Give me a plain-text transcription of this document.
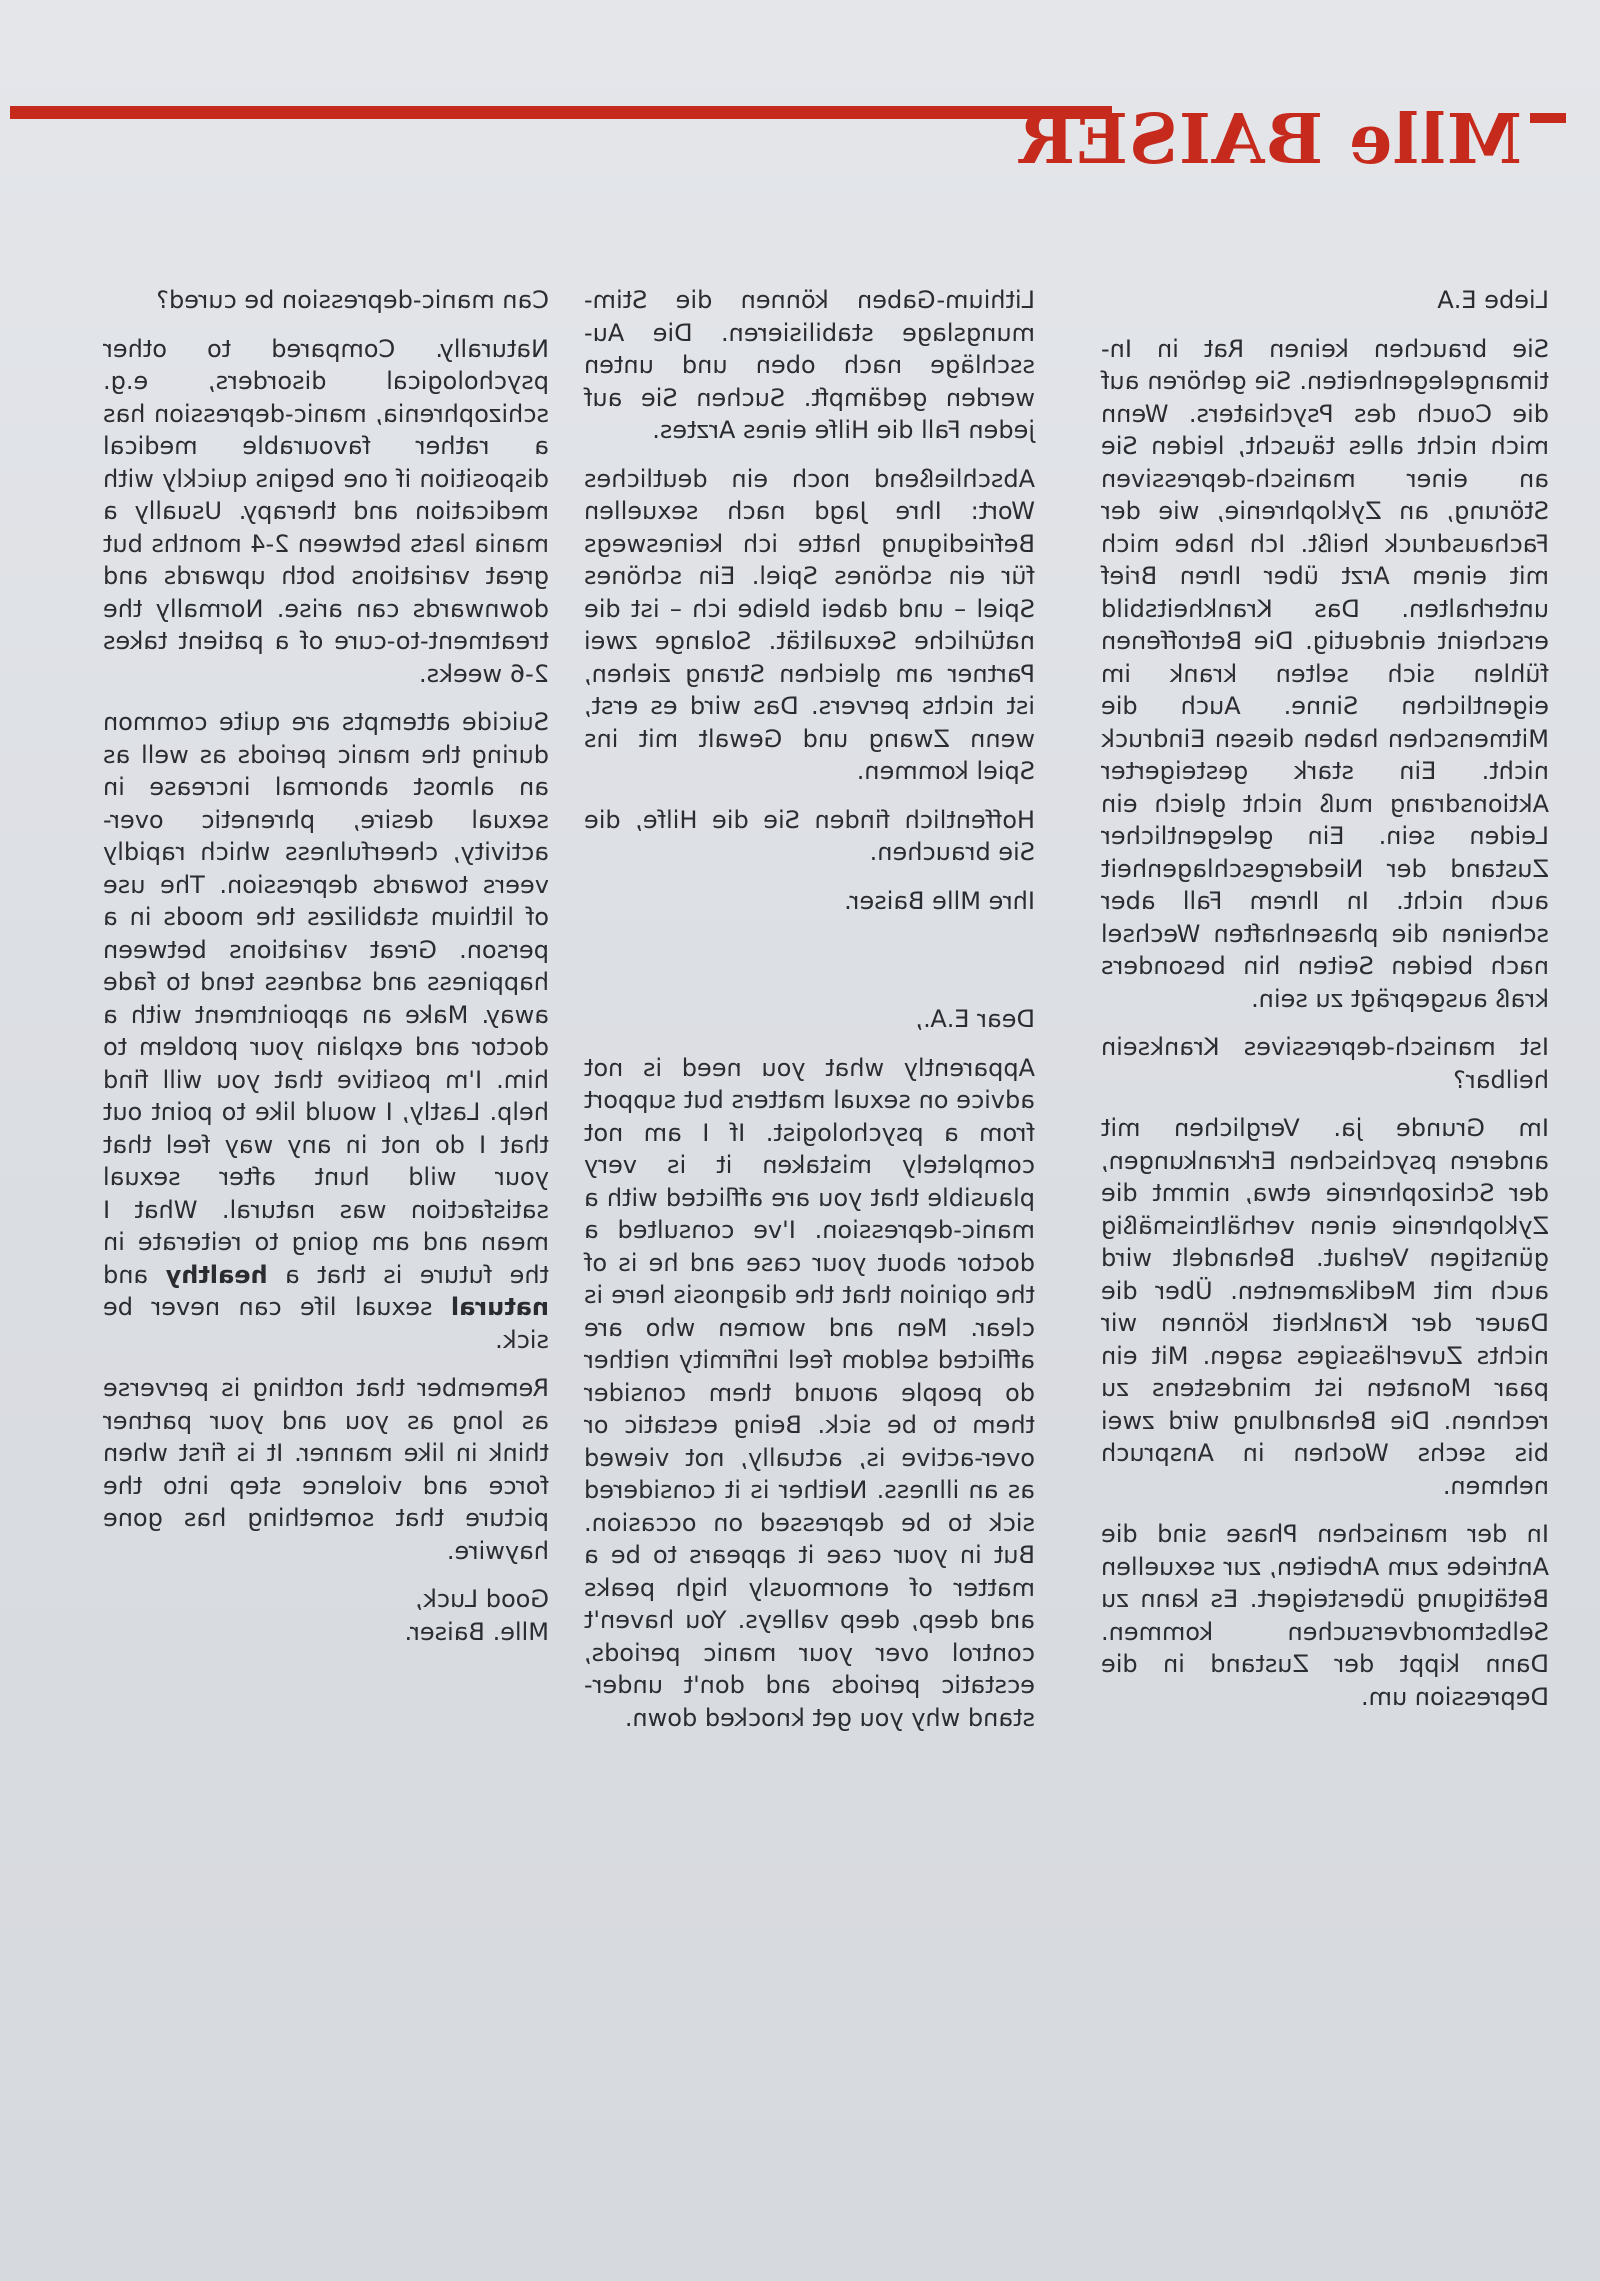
Mlle BAISER

Liebe E.A

Sie brauchen keinen Rat in Intimangelegenheiten. Sie gehören auf die Couch des Psychiaters. Wenn mich nicht alles täuscht, leiden Sie an einer manisch-depressiven Störung, an Zyklophrenie, wie der Fachausdruck heißt. Ich habe mich mit einem Arzt über Ihren Brief unterhalten. Das Krankheitsbild erscheint eindeutig. Die Betroffenen fühlen sich selten krank im eigentlichen Sinne. Auch die Mitmenschen haben diesen Eindruck nicht. Ein stark gesteigerter Aktionsdrang muß nicht gleich ein Leiden sein. Ein gelegentlicher Zustand der Niedergeschlagenheit auch nicht. In Ihrem Fall aber scheinen die phasenhaften Wechsel nach beiden Seiten hin besonders kraß ausgeprägt zu sein.

Ist manisch-depressives Kranksein heilbar?

Im Grunde ja. Verglichen mit anderen psychischen Erkrankungen, der Schizophrenie etwa, nimmt die Zyklophrenie einen verhältnismäßig günstigen Verlaut. Behandelt wird auch mit Medikamenten. Über die Dauer der Krankheit können wir nichts Zuverlässiges sagen. Mit ein paar Monaten ist mindestens zu rechnen. Die Behandlung wird zwei bis sechs Wochen in Anspruch nehmen.

In der manischen Phase sind die Antriebe zum Arbeiten, zur sexuellen Betätigung übersteigert. Es kann zu Selbstmordversuchen kommen. Dann kippt der Zustand in die Depression um.

Lithium-Gaben können die Stimmungslage stabilisieren. Die Ausschläge nach oben und unten werden gedämpft. Suchen Sie auf jeden Fall die Hilfe eines Arztes.

Abschließend noch ein deutliches Wort: Ihre Jagd nach sexuellen Befriedigung hatte ich keineswegs für ein schönes Spiel. Ein schönes Spiel – und dabei bleibe ich – ist die natürliche Sexualität. Solange zwei Partner am gleichen Strang ziehen, ist nichts pervers. Das wird es erst, wenn Zwang und Gewalt mit ins Spiel kommen.

Hoffentlich finden Sie die Hilfe, die Sie brauchen.

Ihre Mlle Baiser.

Dear E.A.,

Apparently what you need is not advice on sexual matters but support from a psychologist. If I am not completely mistaken it is very plausible that you are afflicted with a manic-depression. I've consulted a doctor about your case and he is of the opinion that the diagnosis here is clear. Men and women who are afflicted seldom feel infirmity neither do people around them consider them to be sick. Being ecstatic or over-active is, actually, not viewed as an illness. Neither is it considered sick to be depressed on occasion. But in your case it appears to be a matter of enormously high peaks and deep, deep valleys. You haven't control over your manic periods, ecstatic periods and don't understand why you get knocked down.

Can manic-depression be cured?

Naturally. Compared to other psychological disorders, e.g. schizophrenia, manic-depression has a rather favourable medical disposition if one begins quickly with medication and therapy. Usually a mania lasts between 2-4 months but great variations both upwards and downwards can arise. Normally the treatment-to-cure of a patient takes 2-6 weeks.

Suicide attempts are quite common during the manic periods as well as an almost abnormal increase in sexual desire, phrenetic over-activity, cheerfulness which rapidly veers towards depression. The use of lithium stabilizes the moods in a person. Great variations between happiness and sadness tend to fade away. Make an appointment with a doctor and explain your problem to him. I'm positive that you will find help. Lastly, I would like to point out that I do not in any way feel that your wild hunt after sexual satisfaction was natural. What I mean and am going to reiterate in the future is that a healthy and natural sexual life can never be sick.

Remember that nothing is perverse as long as you and your partner think in like manner. It is first when force and violence step into the picture that something has gone haywire.

Good Luck,

Mlle. Baiser.
